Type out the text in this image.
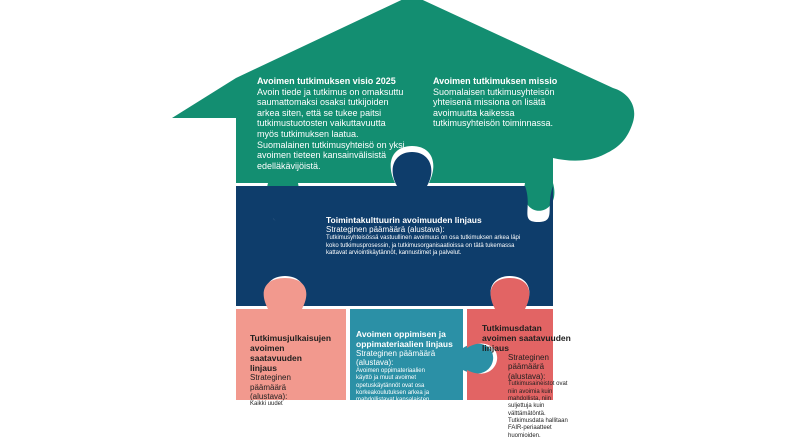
Avoimen tutkimuksen visio 2025
Avoin tiede ja tutkimus on omaksuttu saumattomaksi osaksi tutkijoiden arkea siten, että se tukee paitsi tutkimustuotosten vaikuttavuutta myös tutkimuksen laatua. Suomalainen tutkimusyhteisö on yksi avoimen tieteen kansainvälisistä edelläkävijöistä.
Avoimen tutkimuksen missio
Suomalaisen tutkimusyhteisön yhteisenä missiona on lisätä avoimuutta kaikessa tutkimusyhteisön toiminnassa.
Toimintakulttuurin avoimuuden linjaus
Strateginen päämäärä (alustava):
Tutkimusyhteisössä vastuullinen avoimuus on osa tutkimuksen arkea läpi koko tutkimusprosessin, ja tutkimusorganisaatioissa on tätä tukemassa kattavat arviointikäytännöt, kannustimet ja palvelut.
Tutkimusjulkaisujen avoimen saatavuuden linjaus
Strateginen päämäärä (alustava):
Kaikki uudet
Avoimen oppimisen ja oppimateriaalien linjaus
Strateginen päämäärä (alustava):
Avoimen oppimateriaalien käyttö ja muut avoimet opetuskäytännöt ovat osa korkeakoulutuksen arkea ja mahdollistavat kansalaisten jatkuvaa oppimista. Oppimateriaalien ja
Tutkimusdatan avoimen saatavuuden linjaus
Strateginen päämäärä (alustava):
Tutkimusaineistot ovat niin avoimia kuin mahdollista, niin suljettuja kuin välttämätöntä. Tutkimusdata hallitaan FAIR-periaatteet huomioiden.
